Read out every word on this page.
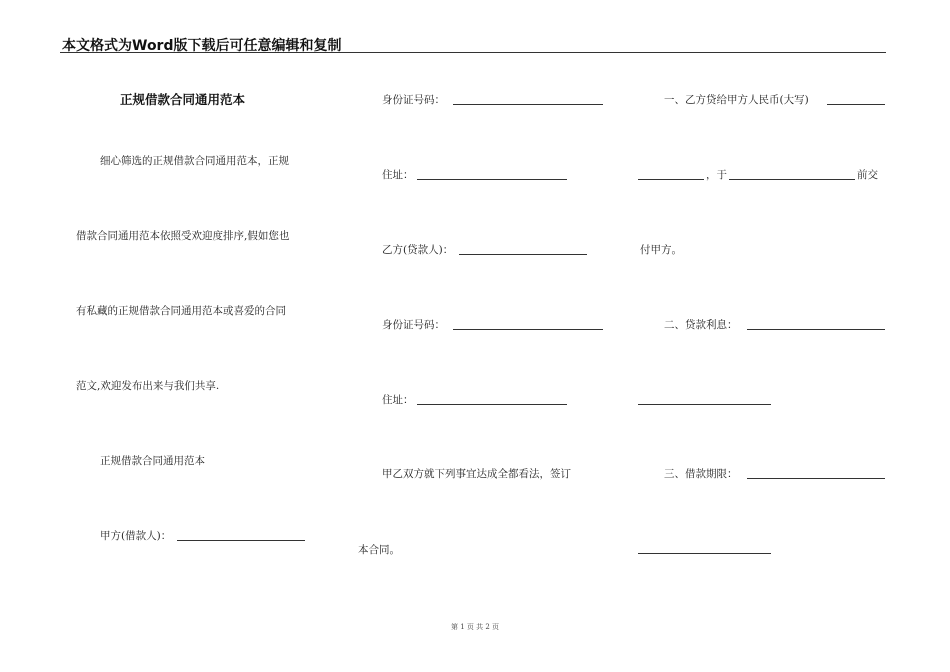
本文格式为Word版下载后可任意编辑和复制
正规借款合同通用范本
细心筛选的正规借款合同通用范本，正规
借款合同通用范本依照受欢迎度排序,假如您也
有私藏的正规借款合同通用范本或喜爱的合同
范文,欢迎发布出来与我们共享.
正规借款合同通用范本
甲方(借款人)：
身份证号码：
住址：
乙方(贷款人)：
身份证号码：
住址：
甲乙双方就下列事宜达成全都看法，签订
本合同。
一、乙方贷给甲方人民币(大写)
，于	前交
付甲方。
二、贷款利息：
三、借款期限：
第 1 页 共 2 页
